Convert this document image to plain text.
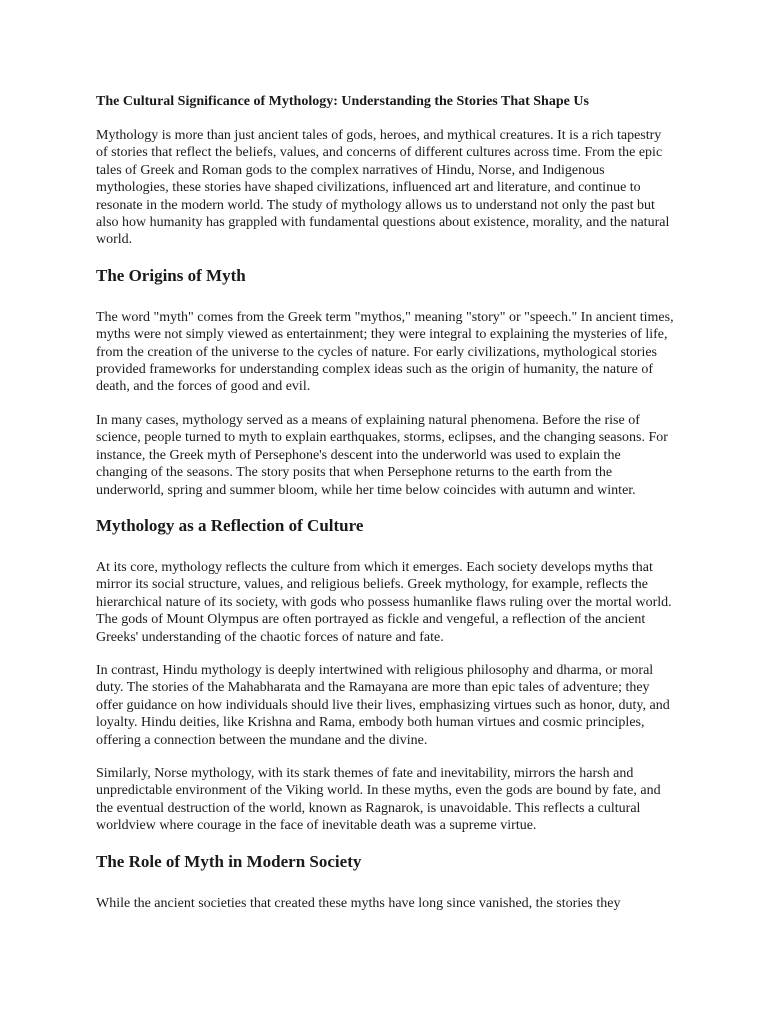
The Cultural Significance of Mythology: Understanding the Stories That Shape Us

Mythology is more than just ancient tales of gods, heroes, and mythical creatures. It is a rich tapestry of stories that reflect the beliefs, values, and concerns of different cultures across time. From the epic tales of Greek and Roman gods to the complex narratives of Hindu, Norse, and Indigenous mythologies, these stories have shaped civilizations, influenced art and literature, and continue to resonate in the modern world. The study of mythology allows us to understand not only the past but also how humanity has grappled with fundamental questions about existence, morality, and the natural world.

The Origins of Myth

The word "myth" comes from the Greek term "mythos," meaning "story" or "speech." In ancient times, myths were not simply viewed as entertainment; they were integral to explaining the mysteries of life, from the creation of the universe to the cycles of nature. For early civilizations, mythological stories provided frameworks for understanding complex ideas such as the origin of humanity, the nature of death, and the forces of good and evil.

In many cases, mythology served as a means of explaining natural phenomena. Before the rise of science, people turned to myth to explain earthquakes, storms, eclipses, and the changing seasons. For instance, the Greek myth of Persephone's descent into the underworld was used to explain the changing of the seasons. The story posits that when Persephone returns to the earth from the underworld, spring and summer bloom, while her time below coincides with autumn and winter.

Mythology as a Reflection of Culture

At its core, mythology reflects the culture from which it emerges. Each society develops myths that mirror its social structure, values, and religious beliefs. Greek mythology, for example, reflects the hierarchical nature of its society, with gods who possess humanlike flaws ruling over the mortal world. The gods of Mount Olympus are often portrayed as fickle and vengeful, a reflection of the ancient Greeks' understanding of the chaotic forces of nature and fate.

In contrast, Hindu mythology is deeply intertwined with religious philosophy and dharma, or moral duty. The stories of the Mahabharata and the Ramayana are more than epic tales of adventure; they offer guidance on how individuals should live their lives, emphasizing virtues such as honor, duty, and loyalty. Hindu deities, like Krishna and Rama, embody both human virtues and cosmic principles, offering a connection between the mundane and the divine.

Similarly, Norse mythology, with its stark themes of fate and inevitability, mirrors the harsh and unpredictable environment of the Viking world. In these myths, even the gods are bound by fate, and the eventual destruction of the world, known as Ragnarok, is unavoidable. This reflects a cultural worldview where courage in the face of inevitable death was a supreme virtue.

The Role of Myth in Modern Society

While the ancient societies that created these myths have long since vanished, the stories they
